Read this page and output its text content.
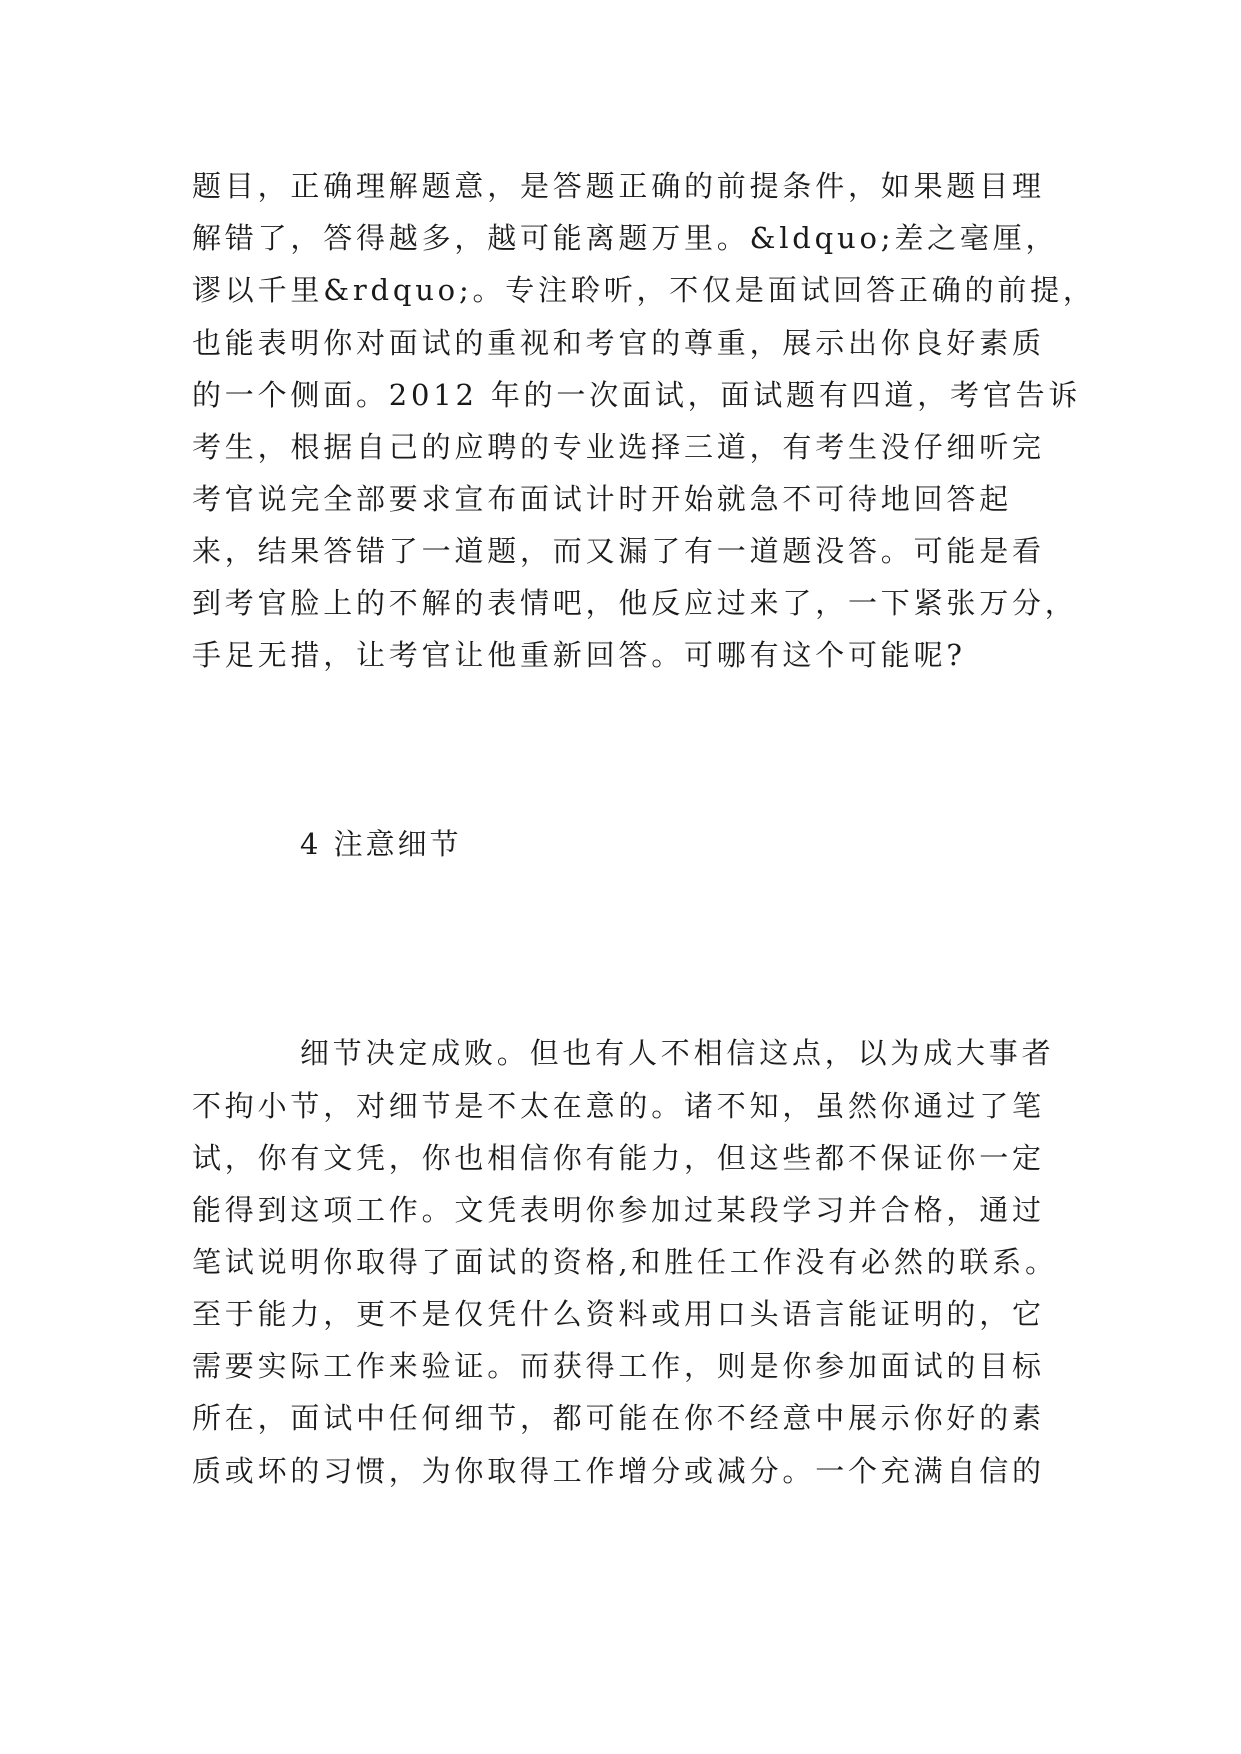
题目，正确理解题意，是答题正确的前提条件，如果题目理
解错了，答得越多，越可能离题万里。&ldquo;差之毫厘，
谬以千里&rdquo;。专注聆听，不仅是面试回答正确的前提，
也能表明你对面试的重视和考官的尊重，展示出你良好素质
的一个侧面。2012 年的一次面试，面试题有四道，考官告诉
考生，根据自己的应聘的专业选择三道，有考生没仔细听完
考官说完全部要求宣布面试计时开始就急不可待地回答起
来，结果答错了一道题，而又漏了有一道题没答。可能是看
到考官脸上的不解的表情吧，他反应过来了，一下紧张万分，
手足无措，让考官让他重新回答。可哪有这个可能呢?
4 注意细节
细节决定成败。但也有人不相信这点，以为成大事者
不拘小节，对细节是不太在意的。诸不知，虽然你通过了笔
试，你有文凭，你也相信你有能力，但这些都不保证你一定
能得到这项工作。文凭表明你参加过某段学习并合格，通过
笔试说明你取得了面试的资格,和胜任工作没有必然的联系。
至于能力，更不是仅凭什么资料或用口头语言能证明的，它
需要实际工作来验证。而获得工作，则是你参加面试的目标
所在，面试中任何细节，都可能在你不经意中展示你好的素
质或坏的习惯，为你取得工作增分或减分。一个充满自信的
